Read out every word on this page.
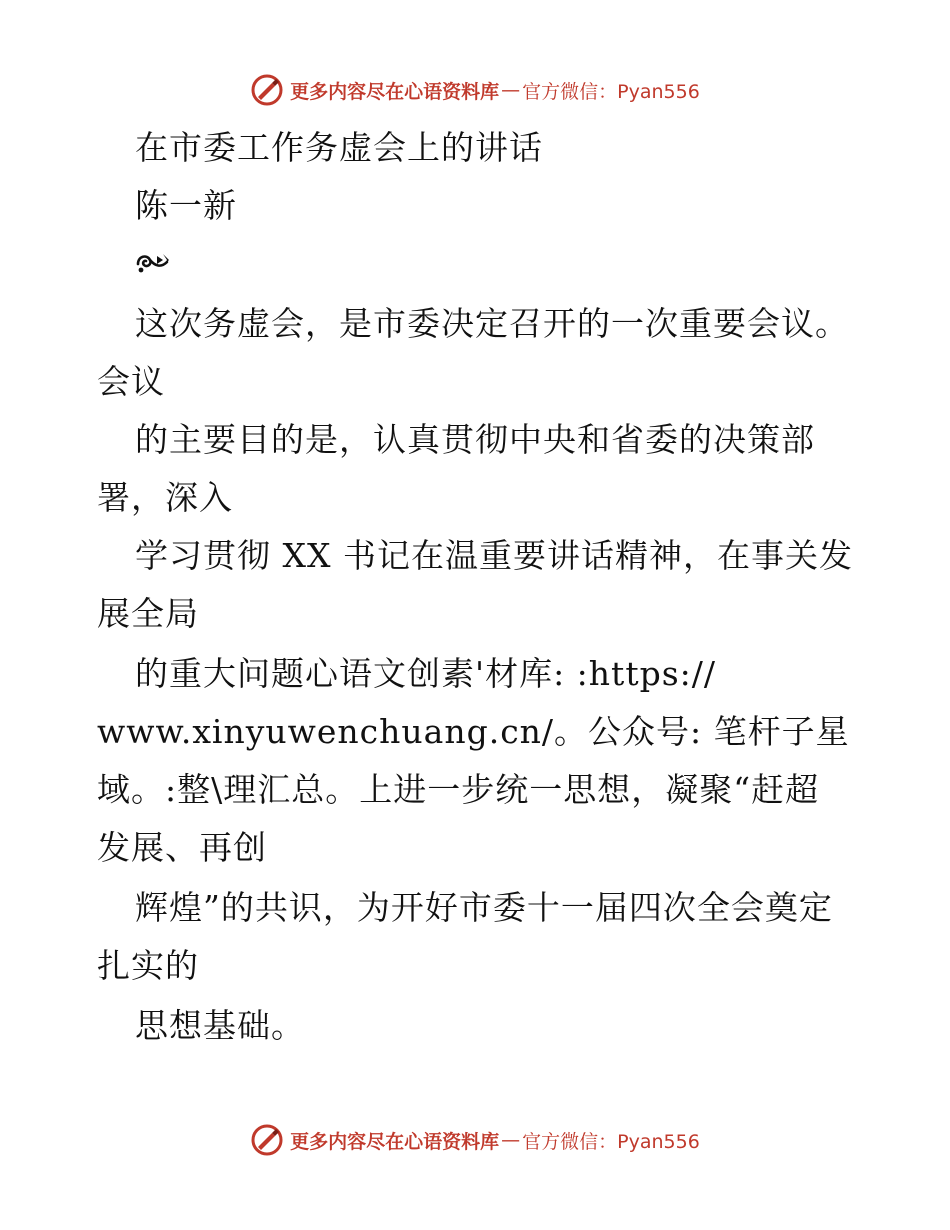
更多内容尽在心语资料库 — 官方微信：Pyan556
在市委工作务虚会上的讲话
陈一新
这次务虚会，是市委决定召开的一次重要会议。
会议
的主要目的是，认真贯彻中央和省委的决策部
署，深入
学习贯彻 XX 书记在温重要讲话精神，在事关发
展全局
的重大问题心语文创素'材库: :https://
www.xinyuwenchuang.cn/。公众号: 笔杆子星
域。:整\理汇总。上进一步统一思想，凝聚“赶超
发展、再创
辉煌”的共识，为开好市委十一届四次全会奠定
扎实的
思想基础。
更多内容尽在心语资料库 — 官方微信：Pyan556
